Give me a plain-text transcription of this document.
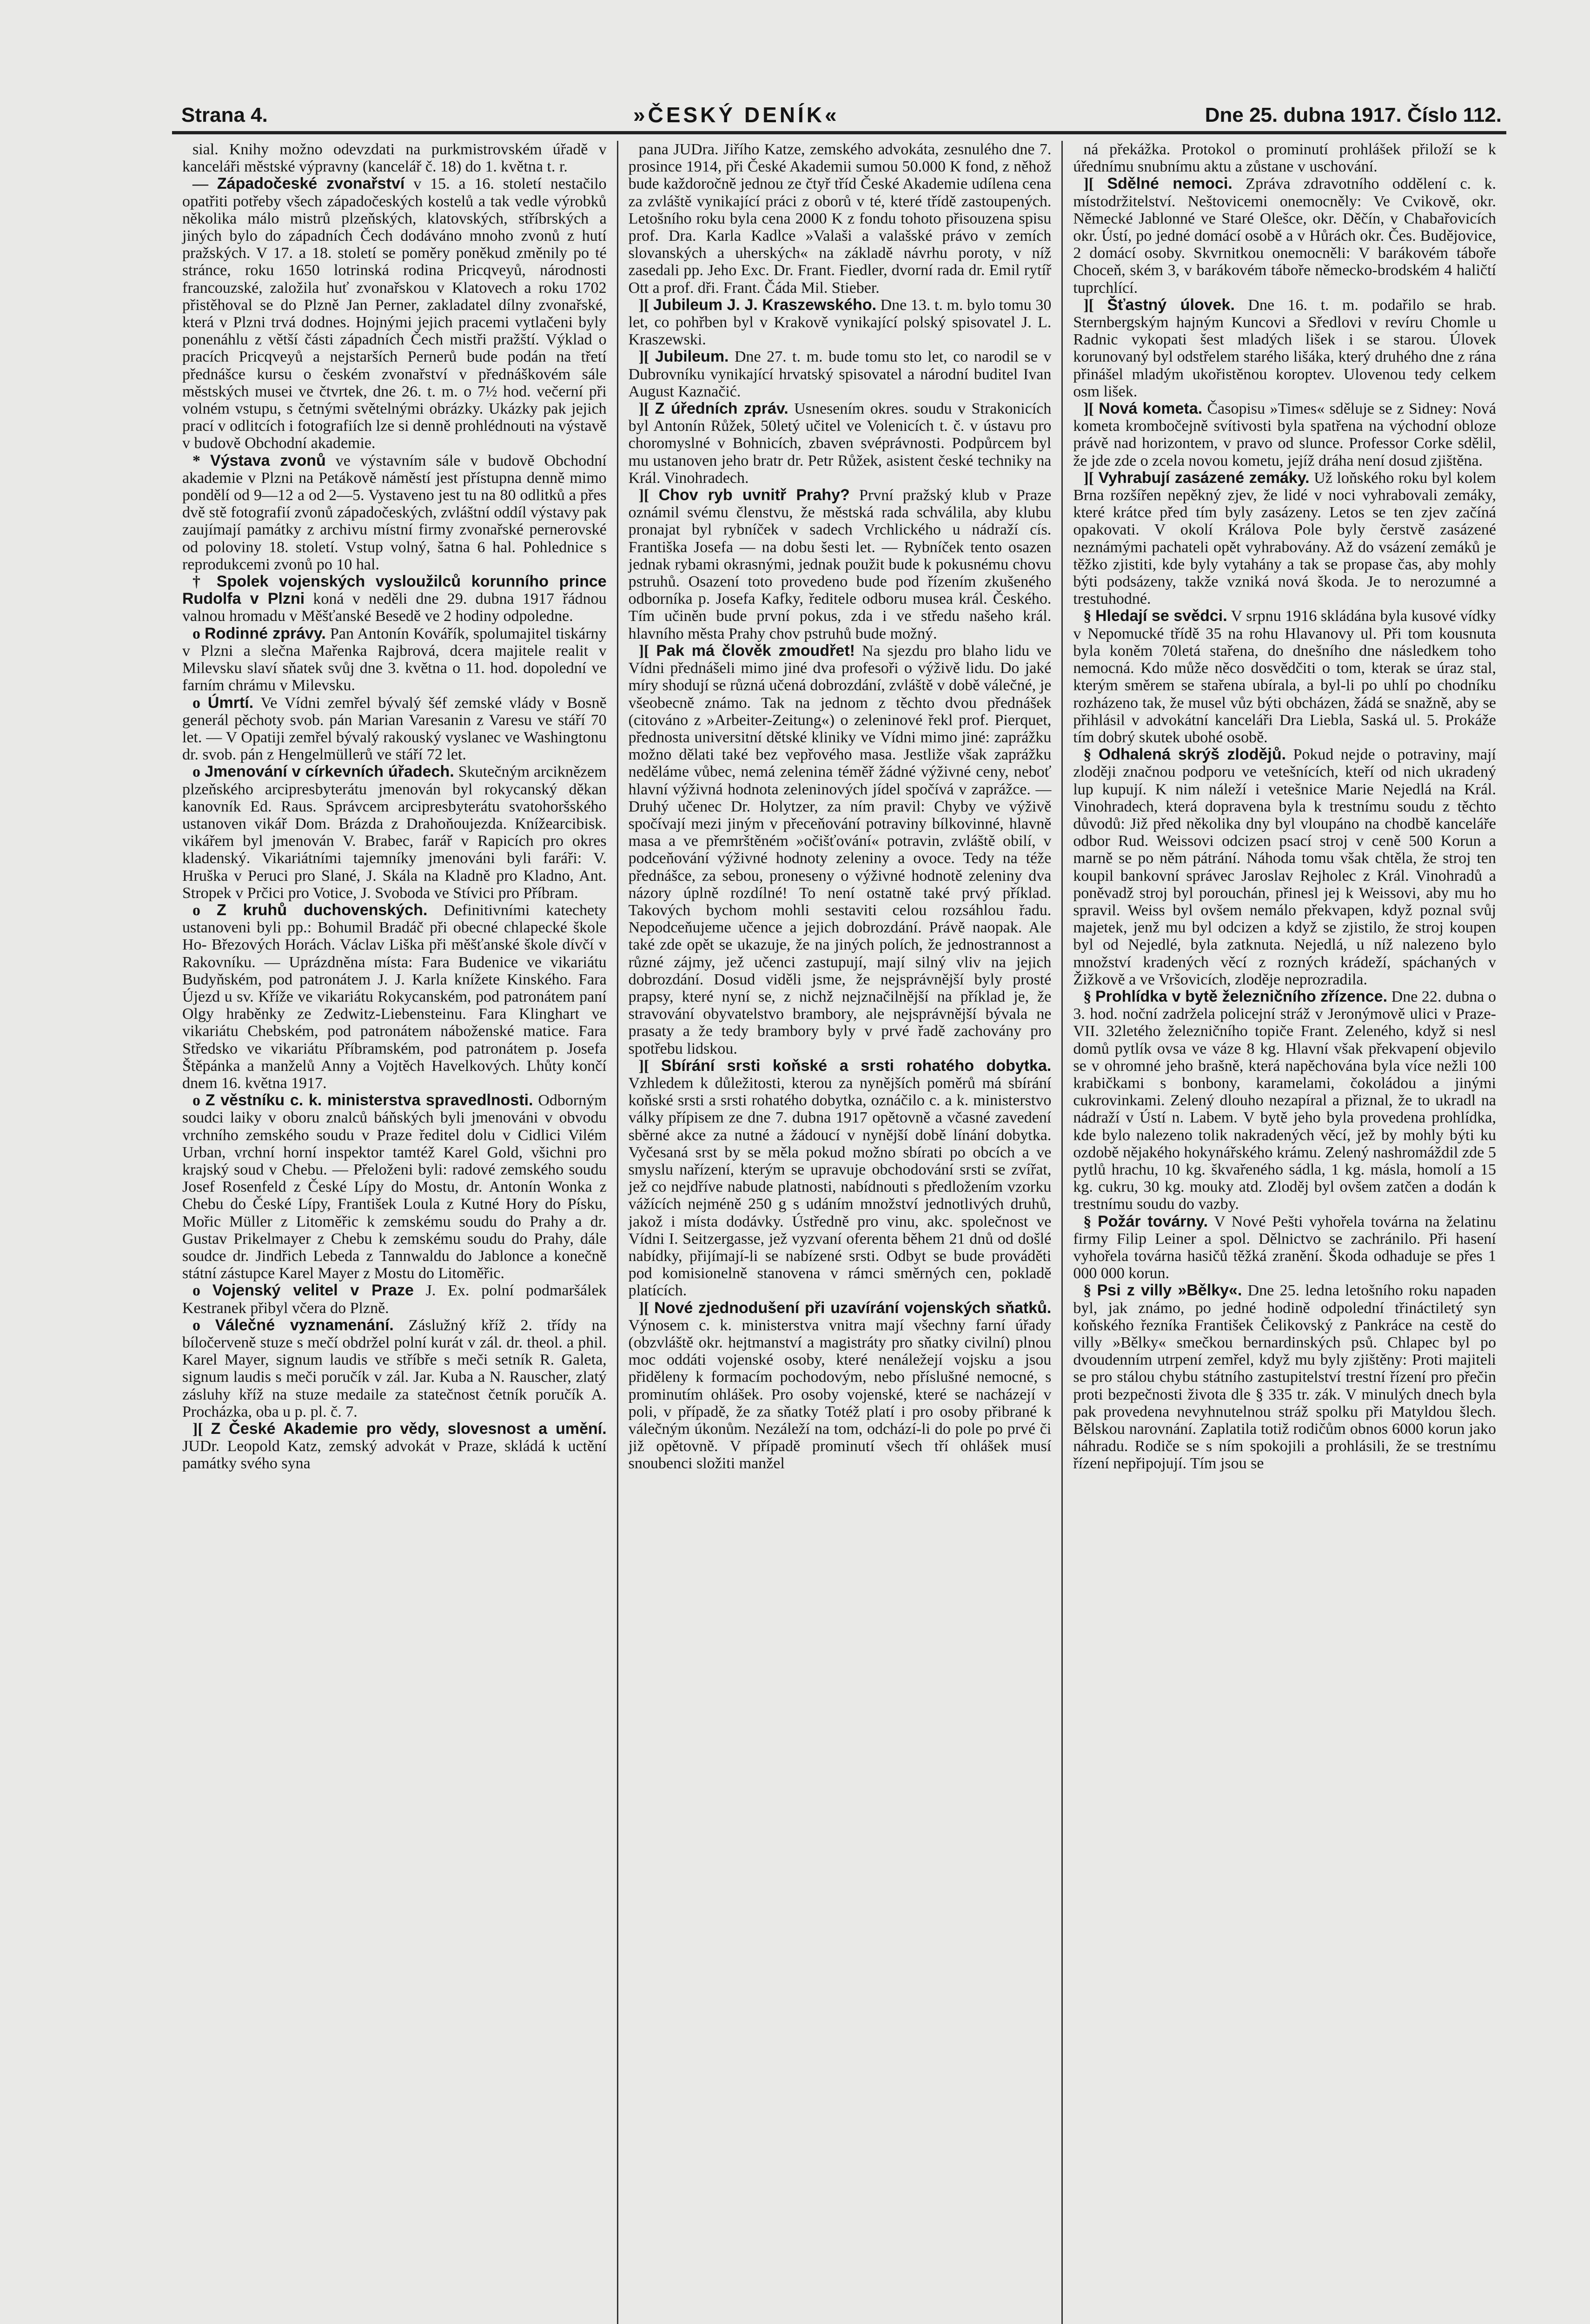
Strana 4.	»ČESKÝ DENÍK«	Dne 25. dubna 1917. Číslo 112.

sial. Knihy možno odevzdati na purkmistrovském úřadě v kanceláři městské výpravny (kancelář č. 18) do 1. května t. r.

— Západočeské zvonařství v 15. a 16. století nestačilo opatřiti potřeby všech západočeských kostelů a tak vedle výrobků několika málo mistrů plzeňských, klatovských, stříbrských a jiných bylo do západních Čech dodáváno mnoho zvonů z hutí pražských. V 17. a 18. století se poměry poněkud změnily po té stránce, roku 1650 lotrinská rodina Pricqveyů, národnosti francouzské, založila huť zvonařskou v Klatovech a roku 1702 přistěhoval se do Plzně Jan Perner, zakladatel dílny zvonařské, která v Plzni trvá dodnes. Hojnými jejich pracemi vytlačeni byly ponenáhlu z větší části západních Čech mistři pražští. Výklad o pracích Pricqveyů a nejstarších Pernerů bude podán na třetí přednášce kursu o českém zvonařství v přednáškovém sále městských musei ve čtvrtek, dne 26. t. m. o 7½ hod. večerní při volném vstupu, s četnými světelnými obrázky. Ukázky pak jejich prací v odlitcích i fotografiích lze si denně prohlédnouti na výstavě v budově Obchodní akademie.

* Výstava zvonů ve výstavním sále v budově Obchodní akademie v Plzni na Petákově náměstí jest přístupna denně mimo pondělí od 9—12 a od 2—5. Vystaveno jest tu na 80 odlitků a přes dvě stě fotografií zvonů západočeských, zvláštní oddíl výstavy pak zaujímají památky z archivu místní firmy zvonařské pernerovské od poloviny 18. století. Vstup volný, šatna 6 hal. Pohlednice s reprodukcemi zvonů po 10 hal.

† Spolek vojenských vysloužilců korunního prince Rudolfa v Plzni koná v neděli dne 29. dubna 1917 řádnou valnou hromadu v Měšťanské Besedě ve 2 hodiny odpoledne.

o Rodinné zprávy. Pan Antonín Kovářík, spolumajitel tiskárny v Plzni a slečna Mařenka Rajbrová, dcera majitele realit v Milevsku slaví sňatek svůj dne 3. května o 11. hod. dopolední ve farním chrámu v Milevsku.

o Úmrtí. Ve Vídni zemřel bývalý šéf zemské vlády v Bosně generál pěchoty svob. pán Marian Varesanin z Varesu ve stáří 70 let. — V Opatiji zemřel bývalý rakouský vyslanec ve Washingtonu dr. svob. pán z Hengelmüllerů ve stáří 72 let.

o Jmenování v církevních úřadech. Skutečným arciknězem plzeňského arcipresbyterátu jmenován byl rokycanský děkan kanovník Ed. Raus. Správcem arcipresbyterátu svatohoršského ustanoven vikář Dom. Brázda z Drahoňoujezda. Knížearcibisk. vikářem byl jmenován V. Brabec, farář v Rapicích pro okres kladenský. Vikariátními tajemníky jmenováni byli faráři: V. Hruška v Peruci pro Slané, J. Skála na Kladně pro Kladno, Ant. Stropek v Prčici pro Votice, J. Svoboda ve Stívici pro Příbram.

o Z kruhů duchovenských. Definitivními katechety ustanoveni byli pp.: Bohumil Bradáč při obecné chlapecké škole Ho- Březových Horách. Václav Liška při měšťanské škole dívčí v Rakovníku. — Uprázdněna místa: Fara Budenice ve vikariátu Budyňském, pod patronátem J. J. Karla knížete Kinského. Fara Újezd u sv. Kříže ve vikariátu Rokycanském, pod patronátem paní Olgy hraběnky ze Zedwitz-Liebensteinu. Fara Klinghart ve vikariátu Chebském, pod patronátem náboženské matice. Fara Středsko ve vikariátu Příbramském, pod patronátem p. Josefa Štěpánka a manželů Anny a Vojtěch Havelkových. Lhůty končí dnem 16. května 1917.

o Z věstníku c. k. ministerstva spravedlnosti. Odborným soudci laiky v oboru znalců báňských byli jmenováni v obvodu vrchního zemského soudu v Praze ředitel dolu v Cidlici Vilém Urban, vrchní horní inspektor tamtéž Karel Gold, všichni pro krajský soud v Chebu. — Přeloženi byli: radové zemského soudu Josef Rosenfeld z České Lípy do Mostu, dr. Antonín Wonka z Chebu do České Lípy, František Loula z Kutné Hory do Písku, Mořic Müller z Litoměřic k zemskému soudu do Prahy a dr. Gustav Prikelmayer z Chebu k zemskému soudu do Prahy, dále soudce dr. Jindřich Lebeda z Tannwaldu do Jablonce a konečně státní zástupce Karel Mayer z Mostu do Litoměřic.

o Vojenský velitel v Praze J. Ex. polní podmaršálek Kestranek přibyl včera do Plzně.

o Válečné vyznamenání. Záslužný kříž 2. třídy na bíločerveně stuze s mečí obdržel polní kurát v zál. dr. theol. a phil. Karel Mayer, signum laudis ve stříbře s meči setník R. Galeta, signum laudis s meči poručík v zál. Jar. Kuba a N. Rauscher, zlatý zásluhy kříž na stuze medaile za statečnost četník poručík A. Procházka, oba u p. pl. č. 7.

][ Z České Akademie pro vědy, slovesnost a umění. JUDr. Leopold Katz, zemský advokát v Praze, skládá k uctění památky svého syna

pana JUDra. Jiřího Katze, zemského advokáta, zesnulého dne 7. prosince 1914, při České Akademii sumou 50.000 K fond, z něhož bude každoročně jednou ze čtyř tříd České Akademie udílena cena za zvláště vynikající práci z oborů v té, které třídě zastoupených. Letošního roku byla cena 2000 K z fondu tohoto přisouzena spisu prof. Dra. Karla Kadlce »Valaši a valašské právo v zemích slovanských a uherských« na základě návrhu poroty, v níž zasedali pp. Jeho Exc. Dr. Frant. Fiedler, dvorní rada dr. Emil rytíř Ott a prof. dři. Frant. Čáda Mil. Stieber.

][ Jubileum J. J. Kraszewského. Dne 13. t. m. bylo tomu 30 let, co pohřben byl v Krakově vynikající polský spisovatel J. L. Kraszewski.

][ Jubileum. Dne 27. t. m. bude tomu sto let, co narodil se v Dubrovníku vynikající hrvatský spisovatel a národní buditel Ivan August Kaznačić.

][ Z úředních zpráv. Usnesením okres. soudu v Strakonicích byl Antonín Růžek, 50letý učitel ve Volenicích t. č. v ústavu pro choromyslné v Bohnicích, zbaven svéprávnosti. Podpůrcem byl mu ustanoven jeho bratr dr. Petr Růžek, asistent české techniky na Král. Vinohradech.

][ Chov ryb uvnitř Prahy? První pražský klub v Praze oznámil svému členstvu, že městská rada schválila, aby klubu pronajat byl rybníček v sadech Vrchlického u nádraží cís. Františka Josefa — na dobu šesti let. — Rybníček tento osazen jednak rybami okrasnými, jednak použit bude k pokusnému chovu pstruhů. Osazení toto provedeno bude pod řízením zkušeného odborníka p. Josefa Kafky, ředitele odboru musea král. Českého. Tím učiněn bude první pokus, zda i ve středu našeho král. hlavního města Prahy chov pstruhů bude možný.

][ Pak má člověk zmoudřet! Na sjezdu pro blaho lidu ve Vídni přednášeli mimo jiné dva profesoři o výživě lidu. Do jaké míry shodují se různá učená dobrozdání, zvláště v době válečné, je všeobecně známo. Tak na jednom z těchto dvou přednášek (citováno z »Arbeiter-Zeitung«) o zeleninové řekl prof. Pierquet, přednosta universitní dětské kliniky ve Vídni mimo jiné: zaprážku možno dělati také bez vepřového masa. Jestliže však zaprážku neděláme vůbec, nemá zelenina téměř žádné výživné ceny, neboť hlavní výživná hodnota zeleninových jídel spočívá v zaprážce. — Druhý učenec Dr. Holytzer, za ním pravil: Chyby ve výživě spočívají mezi jiným v přeceňování potraviny bílkovinné, hlavně masa a ve přemrštěném »očišťování« potravin, zvláště obilí, v podceňování výživné hodnoty zeleniny a ovoce. Tedy na téže přednášce, za sebou, proneseny o výživné hodnotě zeleniny dva názory úplně rozdílné! To není ostatně také prvý příklad. Takových bychom mohli sestaviti celou rozsáhlou řadu. Nepodceňujeme učence a jejich dobrozdání. Právě naopak. Ale také zde opět se ukazuje, že na jiných polích, že jednostrannost a různé zájmy, jež učenci zastupují, mají silný vliv na jejich dobrozdání. Dosud viděli jsme, že nejsprávnější byly prosté prapsy, které nyní se, z nichž nejznačilnější na příklad je, že stravování obyvatelstvo brambory, ale nejsprávnější bývala ne prasaty a že tedy brambory byly v prvé řadě zachovány pro spotřebu lidskou.

][ Sbírání srsti koňské a srsti rohatého dobytka. Vzhledem k důležitosti, kterou za nynějších poměrů má sbírání koňské srsti a srsti rohatého dobytka, oznáčilo c. a k. ministerstvo války přípisem ze dne 7. dubna 1917 opětovně a včasné zavedení sběrné akce za nutné a žádoucí v nynější době línání dobytka. Vyčesaná srst by se měla pokud možno sbírati po obcích a ve smyslu nařízení, kterým se upravuje obchodování srsti se zvířat, jež co nejdříve nabude platnosti, nabídnouti s předložením vzorku vážících nejméně 250 g s udáním množství jednotlivých druhů, jakož i místa dodávky. Ústředně pro vinu, akc. společnost ve Vídni I. Seitzergasse, jež vyzvaní oferenta během 21 dnů od došlé nabídky, přijímají-li se nabízené srsti. Odbyt se bude prováděti pod komisionelně stanovena v rámci směrných cen, pokladě platících.

][ Nové zjednodušení při uzavírání vojenských sňatků. Výnosem c. k. ministerstva vnitra mají všechny farní úřady (obzvláště okr. hejtmanství a magistráty pro sňatky civilní) plnou moc oddáti vojenské osoby, které nenáležejí vojsku a jsou přiděleny k formacím pochodovým, nebo příslušné nemocné, s prominutím ohlášek. Pro osoby vojenské, které se nacházejí v poli, v případě, že za sňatky Totéž platí i pro osoby přibrané k válečným úkonům. Nezáleží na tom, odchází-li do pole po prvé či již opětovně. V případě prominutí všech tří ohlášek musí snoubenci složiti manžel

ná překážka. Protokol o prominutí prohlášek přiloží se k úřednímu snubnímu aktu a zůstane v uschování.

][ Sdělné nemoci. Zpráva zdravotního oddělení c. k. místodržitelství. Neštovicemi onemocněly: Ve Cvikově, okr. Německé Jablonné ve Staré Olešce, okr. Děčín, v Chabařovicích okr. Ústí, po jedné domácí osobě a v Hůrách okr. Čes. Budějovice, 2 domácí osoby. Skvrnitkou onemocněli: V barákovém táboře Choceň, ském 3, v barákovém táboře německo-brodském 4 haličtí tuprchlící.

][ Šťastný úlovek. Dne 16. t. m. podařilo se hrab. Sternbergským hajným Kuncovi a Sředlovi v revíru Chomle u Radnic vykopati šest mladých lišek i se starou. Úlovek korunovaný byl odstřelem starého lišáka, který druhého dne z rána přinášel mladým ukořistěnou koroptev. Ulovenou tedy celkem osm lišek.

][ Nová kometa. Časopisu »Times« sděluje se z Sidney: Nová kometa krombočejně svítivosti byla spatřena na východní obloze právě nad horizontem, v pravo od slunce. Professor Corke sdělil, že jde zde o zcela novou kometu, jejíž dráha není dosud zjištěna.

][ Vyhrabují zasázené zemáky. Už loňského roku byl kolem Brna rozšířen nepěkný zjev, že lidé v noci vyhrabovali zemáky, které krátce před tím byly zasázeny. Letos se ten zjev začíná opakovati. V okolí Králova Pole byly čerstvě zasázené neznámými pachateli opět vyhrabovány. Až do vsázení zemáků je těžko zjistiti, kde byly vytahány a tak se propase čas, aby mohly býti podsázeny, takže vzniká nová škoda. Je to nerozumné a trestuhodné.

§ Hledají se svědci. V srpnu 1916 skládána byla kusové vídky v Nepomucké třídě 35 na rohu Hlavanovy ul. Při tom kousnuta byla koněm 70letá stařena, do dnešního dne následkem toho nemocná. Kdo může něco dosvědčiti o tom, kterak se úraz stal, kterým směrem se stařena ubírala, a byl-li po uhlí po chodníku rozházeno tak, že musel vůz býti obcházen, žádá se snažně, aby se přihlásil v advokátní kanceláři Dra Liebla, Saská ul. 5. Prokáže tím dobrý skutek ubohé osobě.

§ Odhalená skrýš zlodějů. Pokud nejde o potraviny, mají zloději značnou podporu ve vetešnících, kteří od nich ukradený lup kupují. K nim náleží i vetešnice Marie Nejedlá na Král. Vinohradech, která dopravena byla k trestnímu soudu z těchto důvodů: Již před několika dny byl vloupáno na chodbě kanceláře odbor Rud. Weissovi odcizen psací stroj v ceně 500 Korun a marně se po něm pátrání. Náhoda tomu však chtěla, že stroj ten koupil bankovní správec Jaroslav Rejholec z Král. Vinohradů a poněvadž stroj byl porouchán, přinesl jej k Weissovi, aby mu ho spravil. Weiss byl ovšem nemálo překvapen, když poznal svůj majetek, jenž mu byl odcizen a když se zjistilo, že stroj koupen byl od Nejedlé, byla zatknuta. Nejedlá, u níž nalezeno bylo množství kradených věcí z rozných krádeží, spáchaných v Žižkově a ve Vršovicích, zloděje neprozradila.

§ Prohlídka v bytě železničního zřízence. Dne 22. dubna o 3. hod. noční zadržela policejní stráž v Jeronýmově ulici v Praze-VII. 32letého železničního topiče Frant. Zeleného, když si nesl domů pytlík ovsa ve váze 8 kg. Hlavní však překvapení objevilo se v ohromné jeho brašně, která napěchována byla více nežli 100 krabičkami s bonbony, karamelami, čokoládou a jinými cukrovinkami. Zelený dlouho nezapíral a přiznal, že to ukradl na nádraží v Ústí n. Labem. V bytě jeho byla provedena prohlídka, kde bylo nalezeno tolik nakradených věcí, jež by mohly býti ku ozdobě nějakého hokynářského krámu. Zelený nashromáždil zde 5 pytlů hrachu, 10 kg. škvařeného sádla, 1 kg. másla, homolí a 15 kg. cukru, 30 kg. mouky atd. Zloděj byl ovšem zatčen a dodán k trestnímu soudu do vazby.

§ Požár továrny. V Nové Pešti vyhořela továrna na želatinu firmy Filip Leiner a spol. Dělnictvo se zachránilo. Při hasení vyhořela továrna hasičů těžká zranění. Škoda odhaduje se přes 1 000 000 korun.

§ Psi z villy »Bělky«. Dne 25. ledna letošního roku napaden byl, jak známo, po jedné hodině odpolední třináctiletý syn koňského řezníka František Čelikovský z Pankráce na cestě do villy »Bělky« smečkou bernardinských psů. Chlapec byl po dvoudenním utrpení zemřel, když mu byly zjištěny: Proti majiteli se pro stálou chybu státního zastupitelství trestní řízení pro přečin proti bezpečnosti života dle § 335 tr. zák. V minulých dnech byla pak provedena nevyhnutelnou stráž spolku při Matyldou šlech. Bělskou narovnání. Zaplatila totiž rodičům obnos 6000 korun jako náhradu. Rodiče se s ním spokojili a prohlásili, že se trestnímu řízení nepřipojují. Tím jsou se
